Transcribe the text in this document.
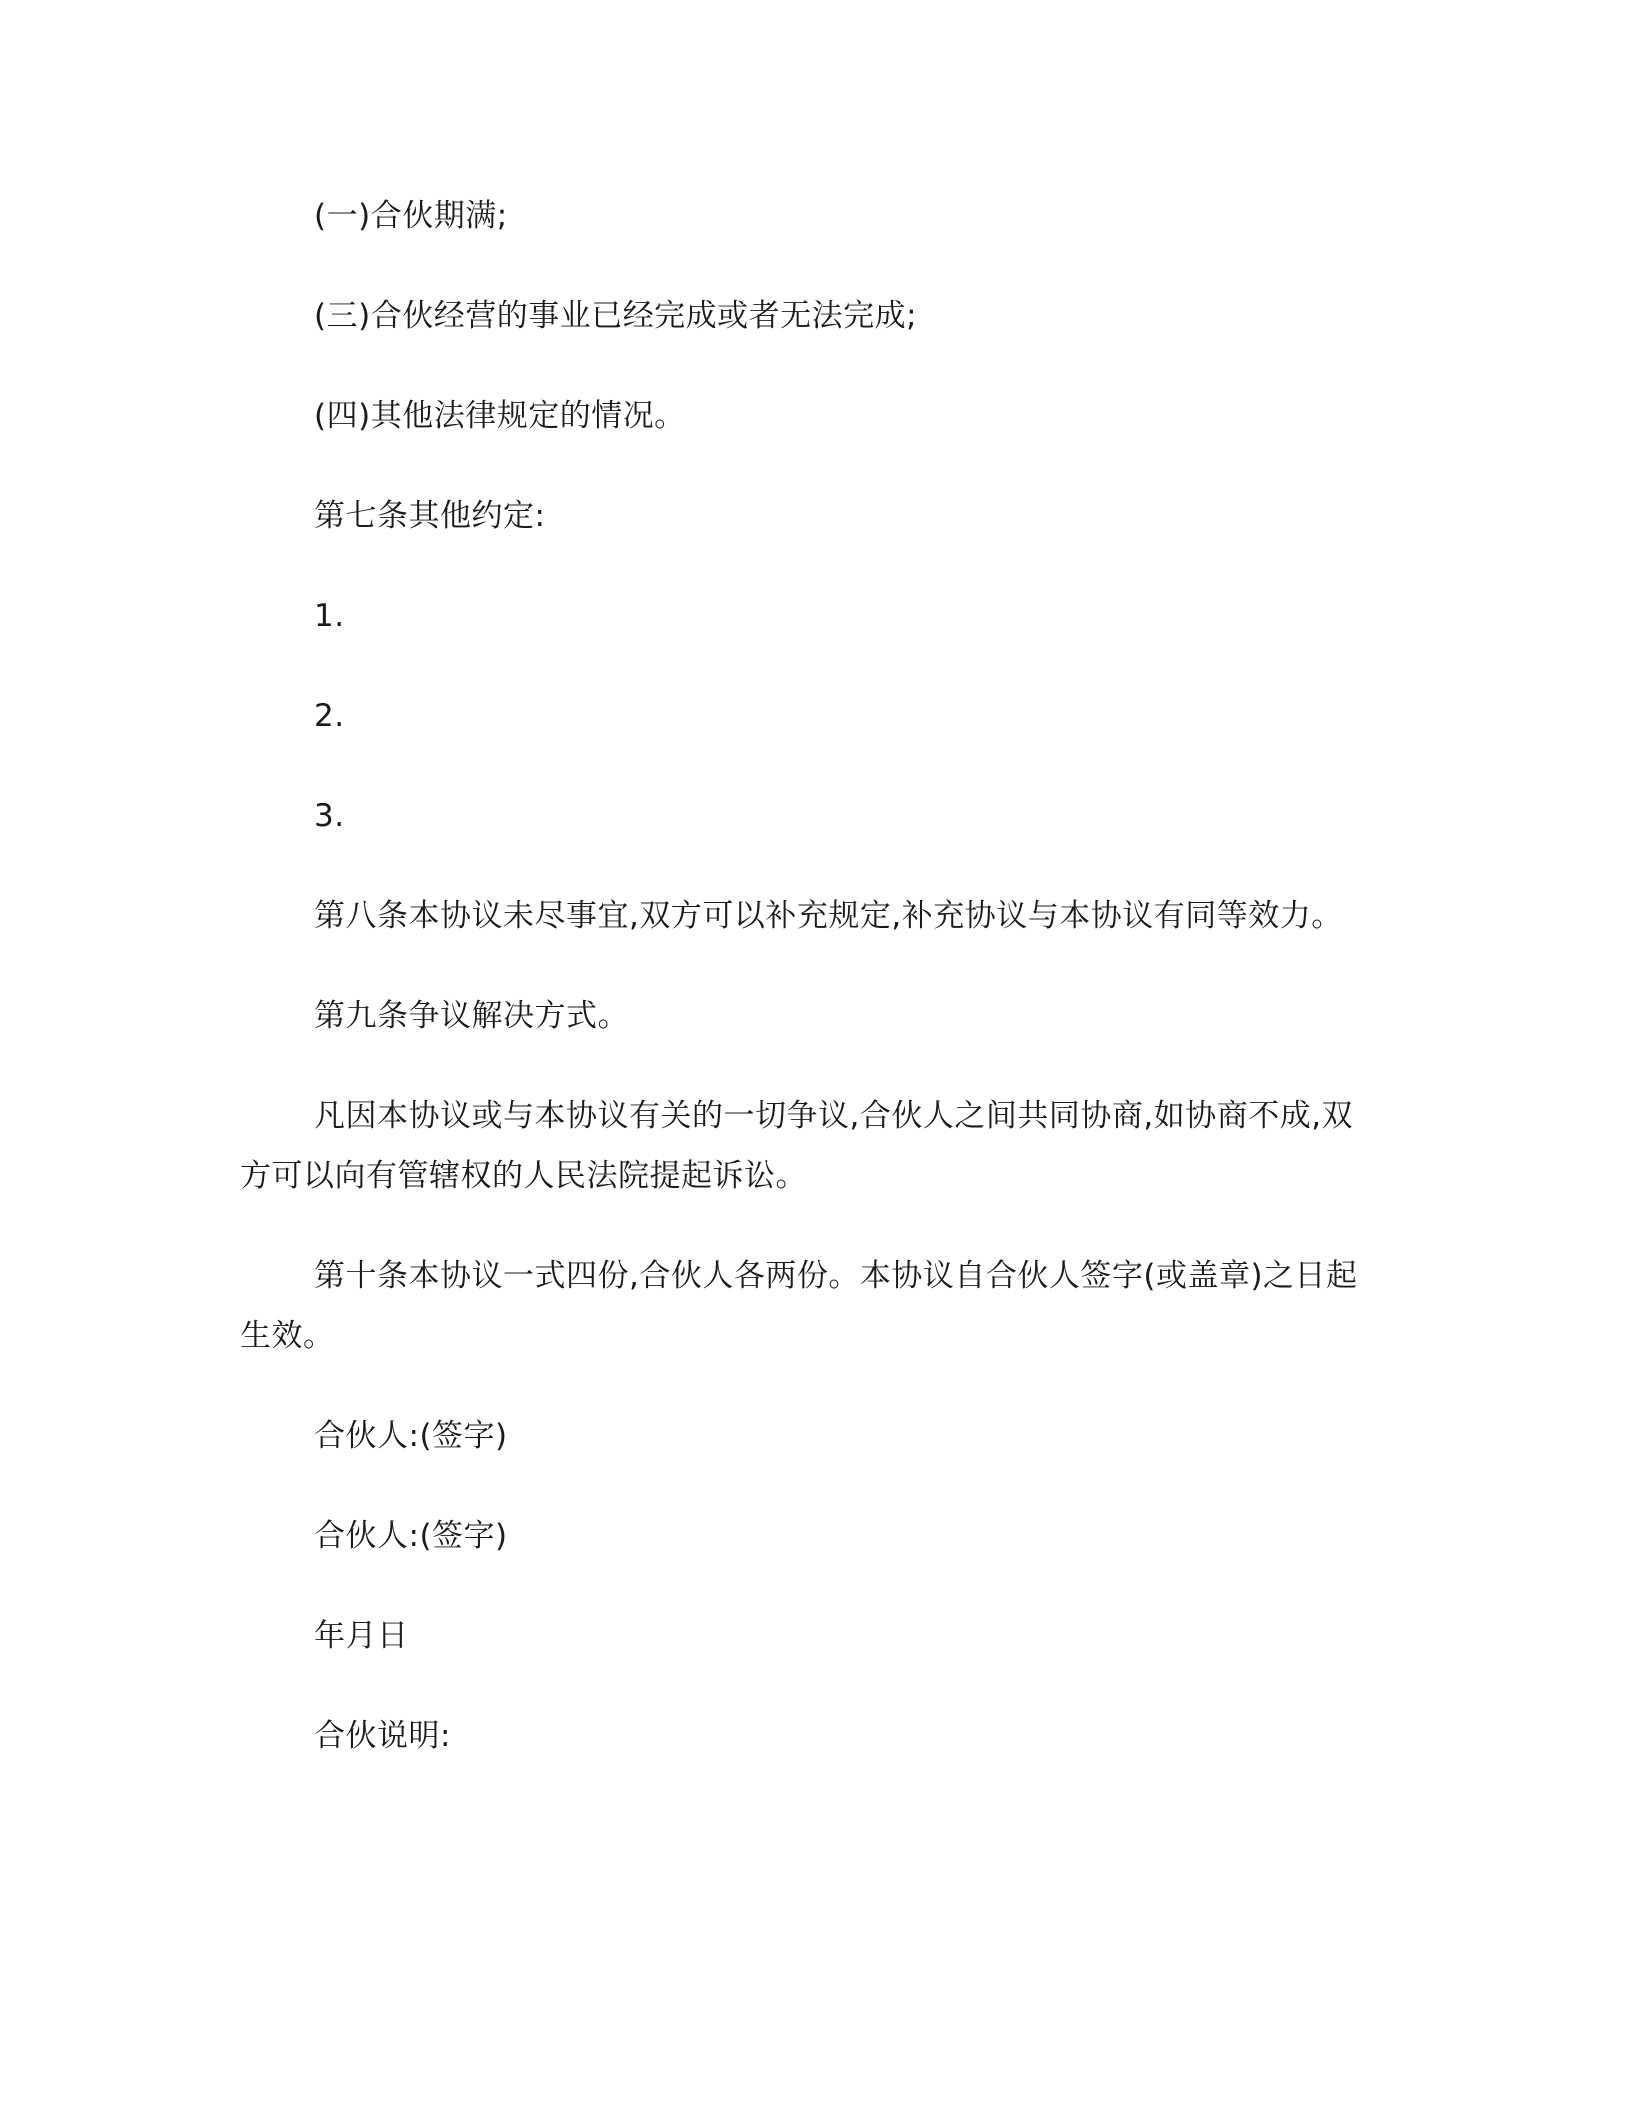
(一)合伙期满;
(三)合伙经营的事业已经完成或者无法完成;
(四)其他法律规定的情况。
第七条其他约定:
1.
2.
3.
第八条本协议未尽事宜,双方可以补充规定,补充协议与本协议有同等效力。
第九条争议解决方式。
凡因本协议或与本协议有关的一切争议,合伙人之间共同协商,如协商不成,双方可以向有管辖权的人民法院提起诉讼。
第十条本协议一式四份,合伙人各两份。本协议自合伙人签字(或盖章)之日起生效。
合伙人:(签字)
合伙人:(签字)
年月日
合伙说明:
